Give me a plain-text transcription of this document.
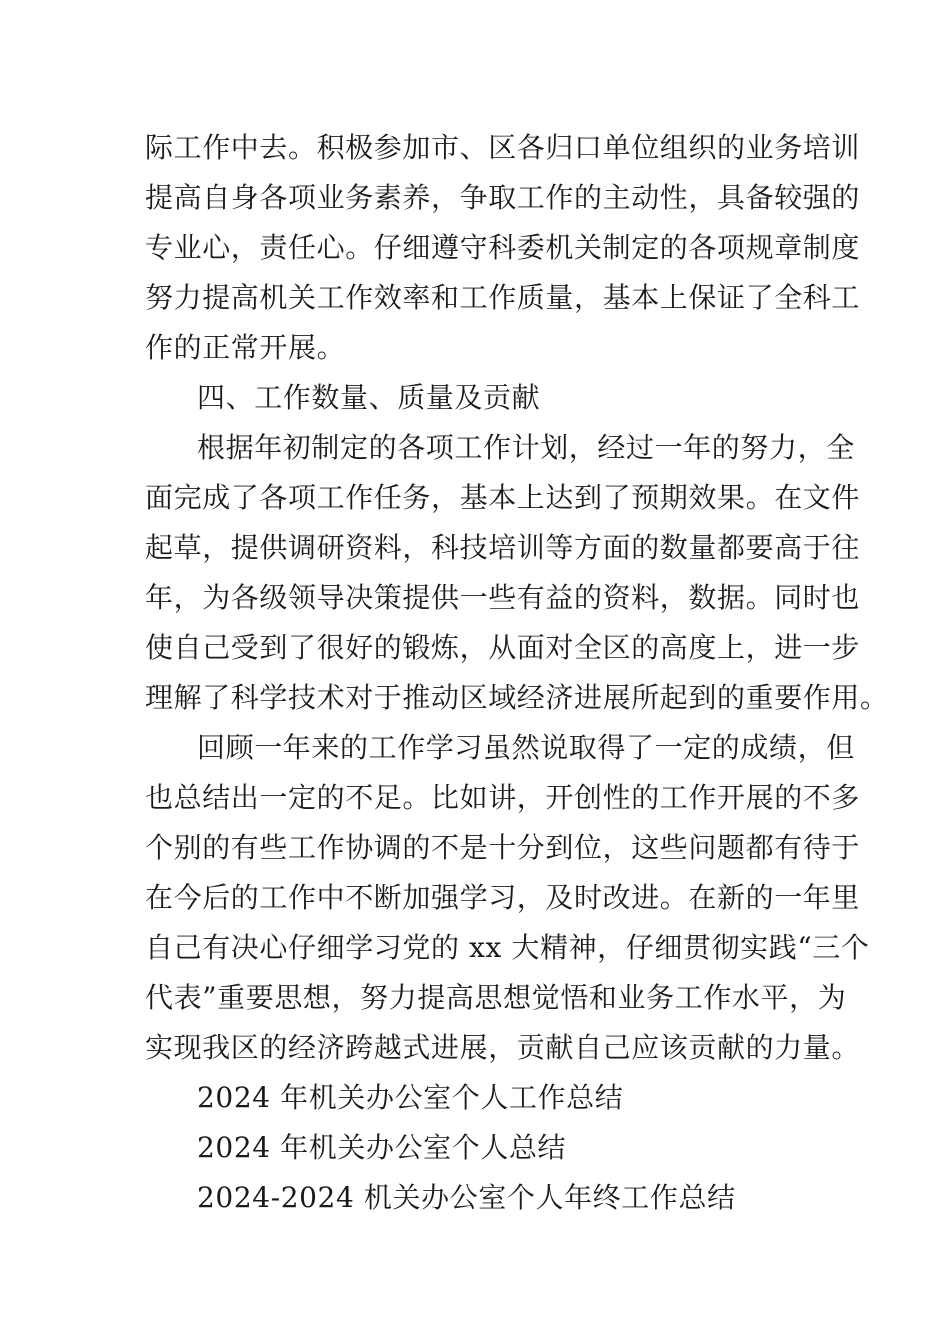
际工作中去。积极参加市、区各归口单位组织的业务培训
提高自身各项业务素养，争取工作的主动性，具备较强的
专业心，责任心。仔细遵守科委机关制定的各项规章制度
努力提高机关工作效率和工作质量，基本上保证了全科工
作的正常开展。
四、工作数量、质量及贡献
根据年初制定的各项工作计划，经过一年的努力，全
面完成了各项工作任务，基本上达到了预期效果。在文件
起草，提供调研资料，科技培训等方面的数量都要高于往
年，为各级领导决策提供一些有益的资料，数据。同时也
使自己受到了很好的锻炼，从面对全区的高度上，进一步
理解了科学技术对于推动区域经济进展所起到的重要作用。
回顾一年来的工作学习虽然说取得了一定的成绩，但
也总结出一定的不足。比如讲，开创性的工作开展的不多
个别的有些工作协调的不是十分到位，这些问题都有待于
在今后的工作中不断加强学习，及时改进。在新的一年里
自己有决心仔细学习党的 xx 大精神，仔细贯彻实践“三个
代表”重要思想，努力提高思想觉悟和业务工作水平，为
实现我区的经济跨越式进展，贡献自己应该贡献的力量。
2024 年机关办公室个人工作总结
2024 年机关办公室个人总结
2024-2024 机关办公室个人年终工作总结
